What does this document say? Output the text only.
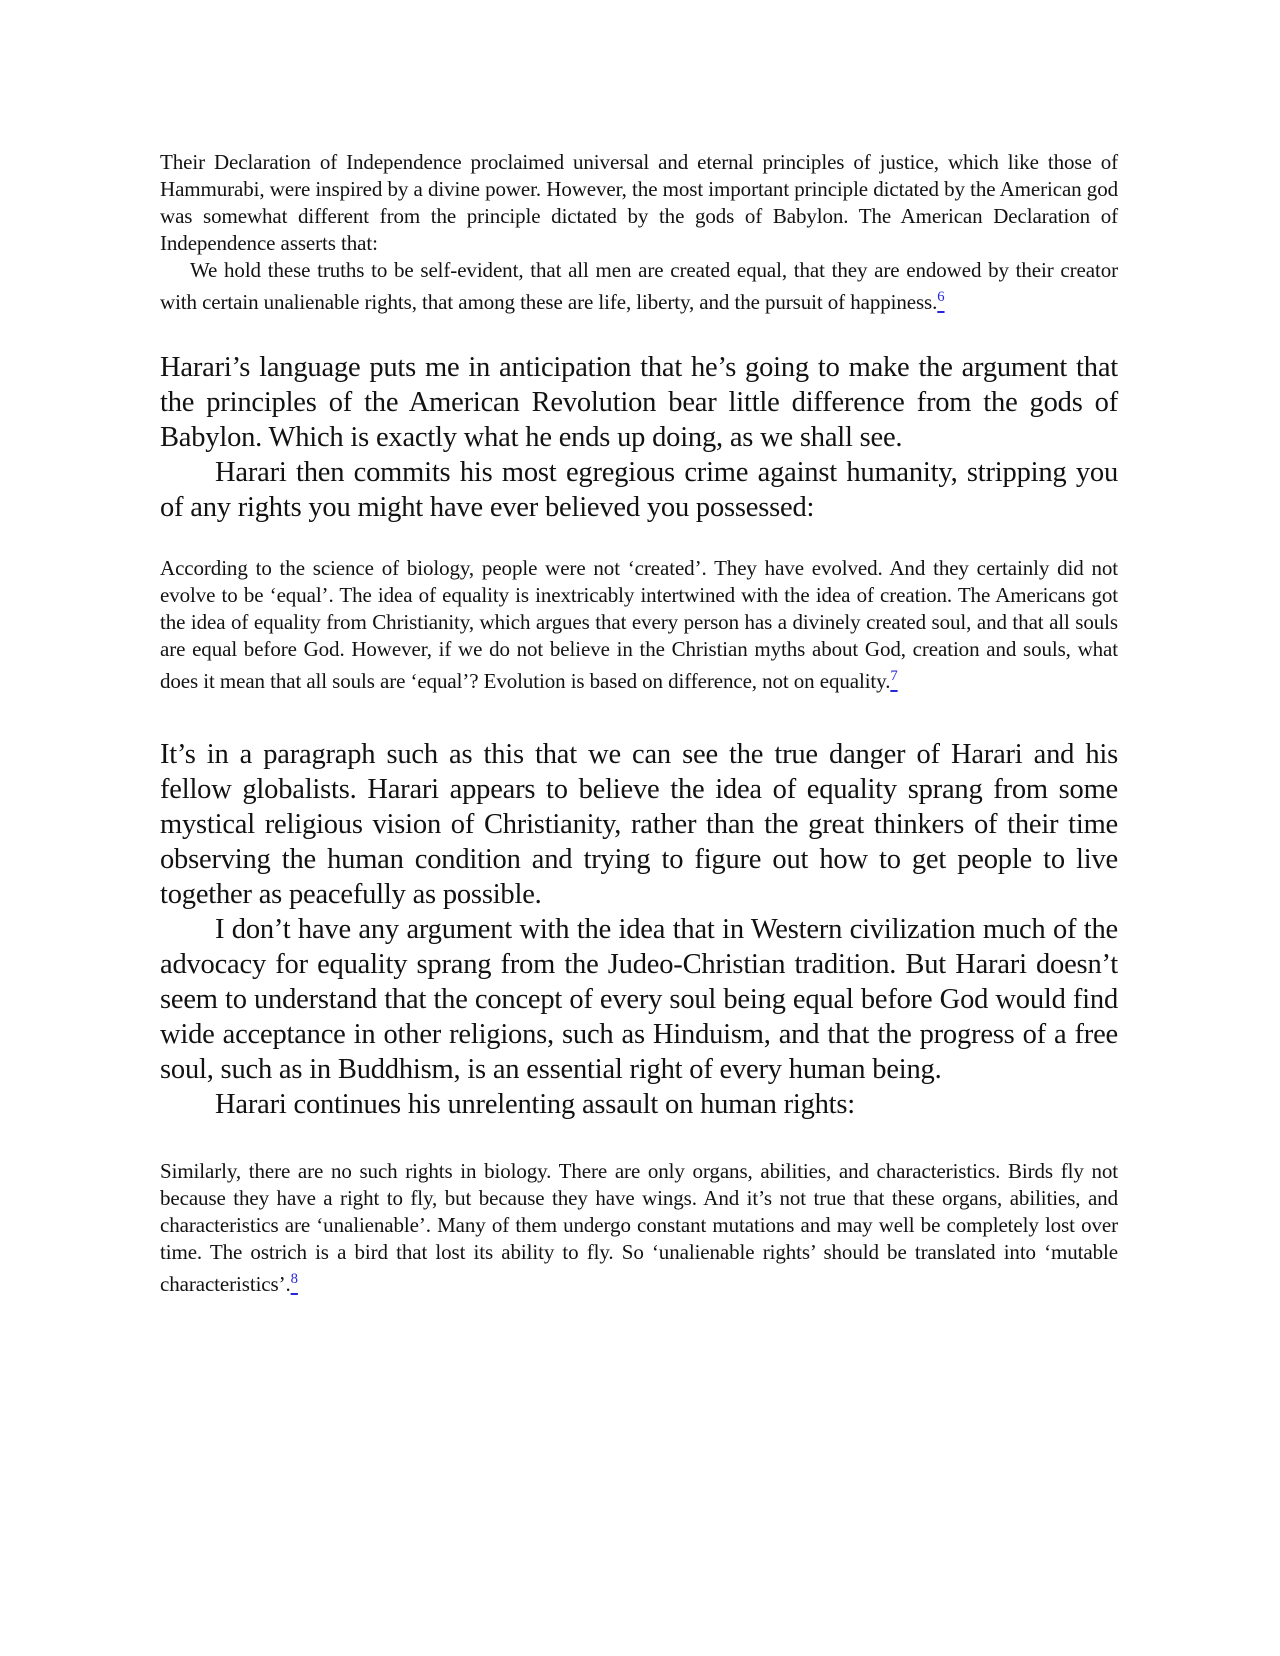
Their Declaration of Independence proclaimed universal and eternal principles of justice, which like those of Hammurabi, were inspired by a divine power. However, the most important principle dictated by the American god was somewhat different from the principle dictated by the gods of Babylon. The American Declaration of Independence asserts that:

We hold these truths to be self-evident, that all men are created equal, that they are endowed by their creator with certain unalienable rights, that among these are life, liberty, and the pursuit of happiness.$^6$

Harari’s language puts me in anticipation that he’s going to make the argument that the principles of the American Revolution bear little difference from the gods of Babylon. Which is exactly what he ends up doing, as we shall see.

Harari then commits his most egregious crime against humanity, stripping you of any rights you might have ever believed you possessed:

According to the science of biology, people were not ‘created’. They have evolved. And they certainly did not evolve to be ‘equal’. The idea of equality is inextricably intertwined with the idea of creation. The Americans got the idea of equality from Christianity, which argues that every person has a divinely created soul, and that all souls are equal before God. However, if we do not believe in the Christian myths about God, creation and souls, what does it mean that all souls are ‘equal’? Evolution is based on difference, not on equality.$^7$

It’s in a paragraph such as this that we can see the true danger of Harari and his fellow globalists. Harari appears to believe the idea of equality sprang from some mystical religious vision of Christianity, rather than the great thinkers of their time observing the human condition and trying to figure out how to get people to live together as peacefully as possible.

I don’t have any argument with the idea that in Western civilization much of the advocacy for equality sprang from the Judeo-Christian tradition. But Harari doesn’t seem to understand that the concept of every soul being equal before God would find wide acceptance in other religions, such as Hinduism, and that the progress of a free soul, such as in Buddhism, is an essential right of every human being.

Harari continues his unrelenting assault on human rights:

Similarly, there are no such rights in biology. There are only organs, abilities, and characteristics. Birds fly not because they have a right to fly, but because they have wings. And it’s not true that these organs, abilities, and characteristics are ‘unalienable’. Many of them undergo constant mutations and may well be completely lost over time. The ostrich is a bird that lost its ability to fly. So ‘unalienable rights’ should be translated into ‘mutable characteristics’.$^8$
